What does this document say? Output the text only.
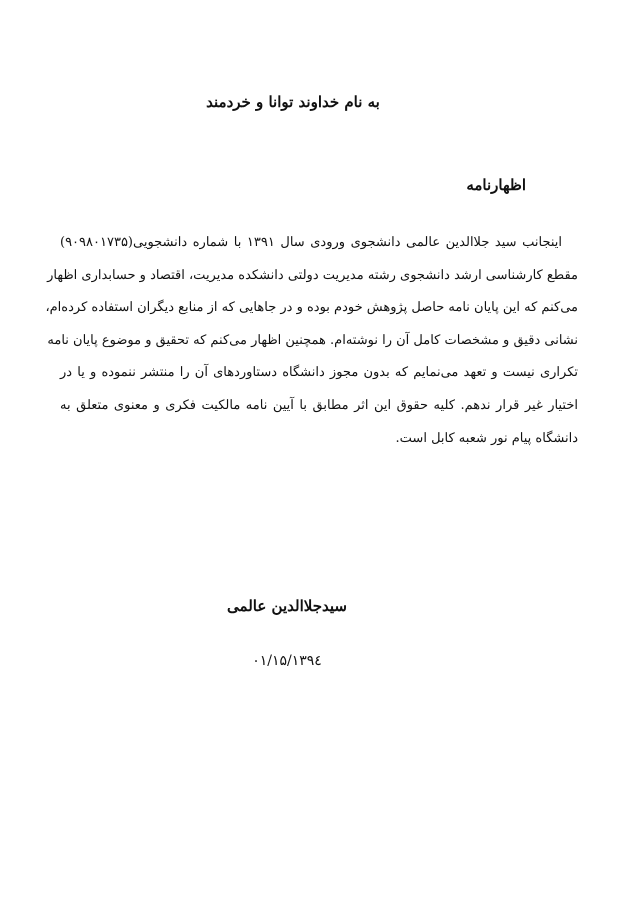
به نام خداوند توانا و خردمند
اظهارنامه
اینجانب سید جلاالدین عالمی دانشجوی ورودی سال ۱۳۹۱ با شماره دانشجویی(۹۰۹۸۰۱۷۳۵)
مقطع کارشناسی ارشد دانشجوی رشته مدیریت دولتی دانشکده مدیریت، اقتصاد و حسابداری اظهار
می‌کنم که این پایان نامه حاصل پژوهش خودم بوده و در جاهایی که از منابع دیگران استفاده کرده‌ام،
نشانی دقیق و مشخصات کامل آن را نوشته‌ام. همچنین اظهار می‌کنم که تحقیق و موضوع پایان نامه
تکراری نیست و تعهد می‌نمایم که بدون مجوز دانشگاه دستاوردهای آن را منتشر ننموده و یا در
اختیار غیر قرار ندهم. کلیه حقوق این اثر مطابق با آیین نامه مالکیت فکری و معنوی متعلق به
دانشگاه پیام نور شعبه کابل است.
سیدجلاالدین عالمی
۱۳۹٤/۰۱/۱۵
